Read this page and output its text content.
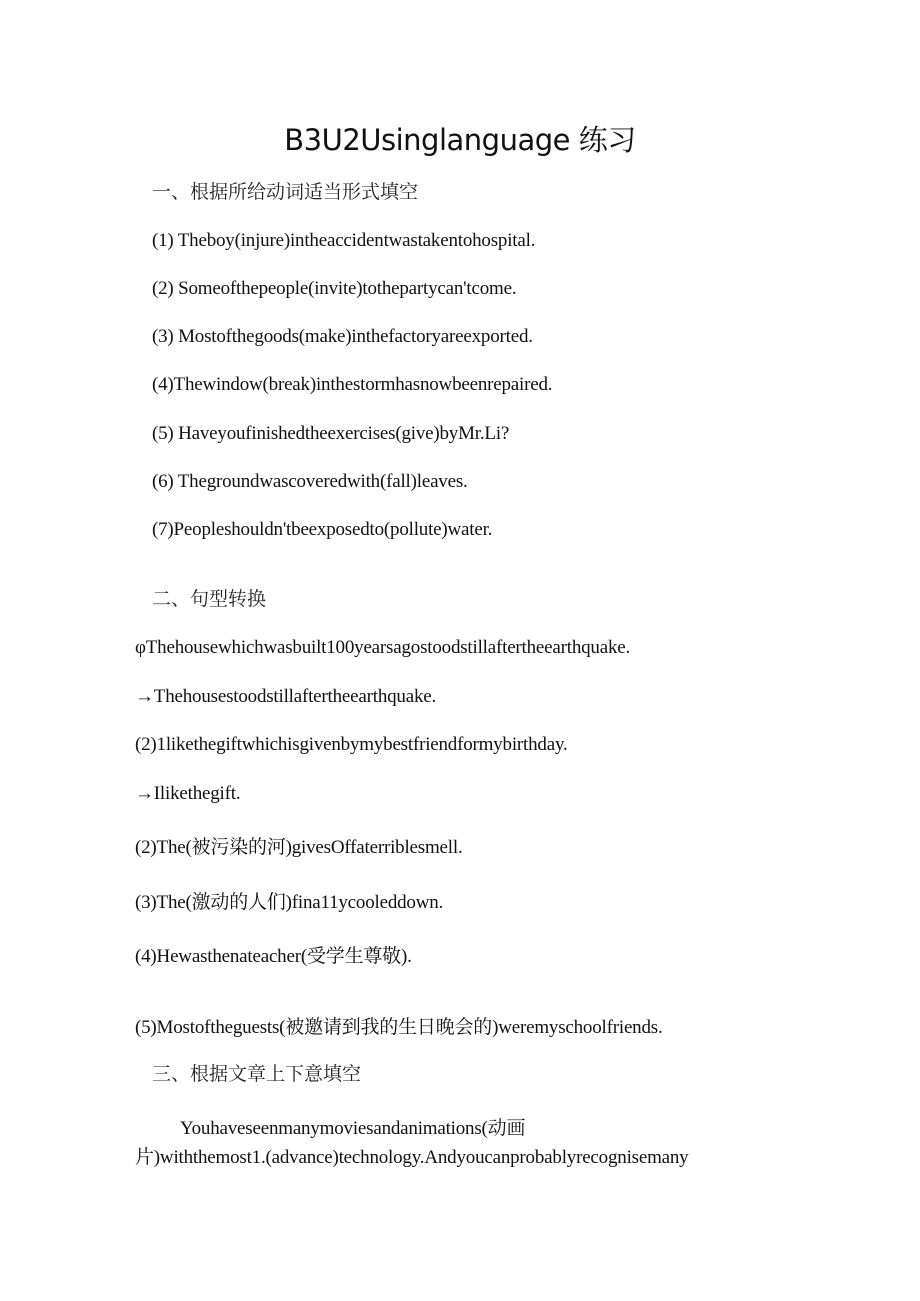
B3U2Usinglanguage 练习
一、根据所给动词适当形式填空
(1) Theboy(injure)intheaccidentwastakentohospital.
(2) Someofthepeople(invite)tothepartycan'tcome.
(3) Mostofthegoods(make)inthefactoryareexported.
(4)Thewindow(break)inthestormhasnowbeenrepaired.
(5) Haveyoufinishedtheexercises(give)byMr.Li?
(6) Thegroundwascoveredwith(fall)leaves.
(7)Peopleshouldn'tbeexposedto(pollute)water.
二、句型转换
φThehousewhichwasbuilt100yearsagostoodstillaftertheearthquake.
→Thehousestoodstillaftertheearthquake.
(2)1likethegiftwhichisgivenbymybestfriendformybirthday.
→Ilikethegift.
(2)The(被污染的河)givesOffaterriblesmell.
(3)The(激动的人们)fina11ycooleddown.
(4)Hewasthenateacher(受学生尊敬).
(5)Mostoftheguests(被邀请到我的生日晚会的)weremyschoolfriends.
三、根据文章上下意填空
Youhaveseenmanymoviesandanimations(动画
片)withthemost1.(advance)technology.Andyoucanprobablyrecognisemany
